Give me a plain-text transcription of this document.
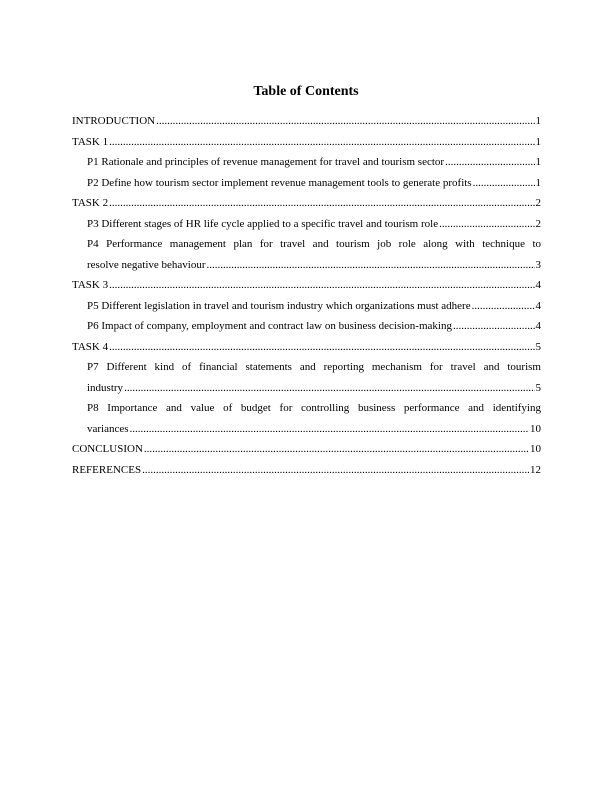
Table of Contents
INTRODUCTION .....	1
TASK 1 .....	1
P1 Rationale and principles of revenue management for travel and tourism sector .....	1
P2 Define how tourism sector implement revenue management tools to generate profits .....	1
TASK 2 .....	2
P3 Different stages of HR life cycle applied to a specific travel and tourism role .....	2
P4 Performance management plan for travel and tourism job role along with technique to
resolve negative behaviour .....	3
TASK 3 .....	4
P5 Different legislation in travel and tourism industry which organizations must adhere .....	4
P6 Impact of company, employment and contract law on business decision-making .....	4
TASK 4 .....	5
P7 Different kind of financial statements and reporting mechanism for travel and tourism
industry .....	5
P8 Importance and value of budget for controlling business performance and identifying
variances .....	10
CONCLUSION .....	10
REFERENCES .....	12
